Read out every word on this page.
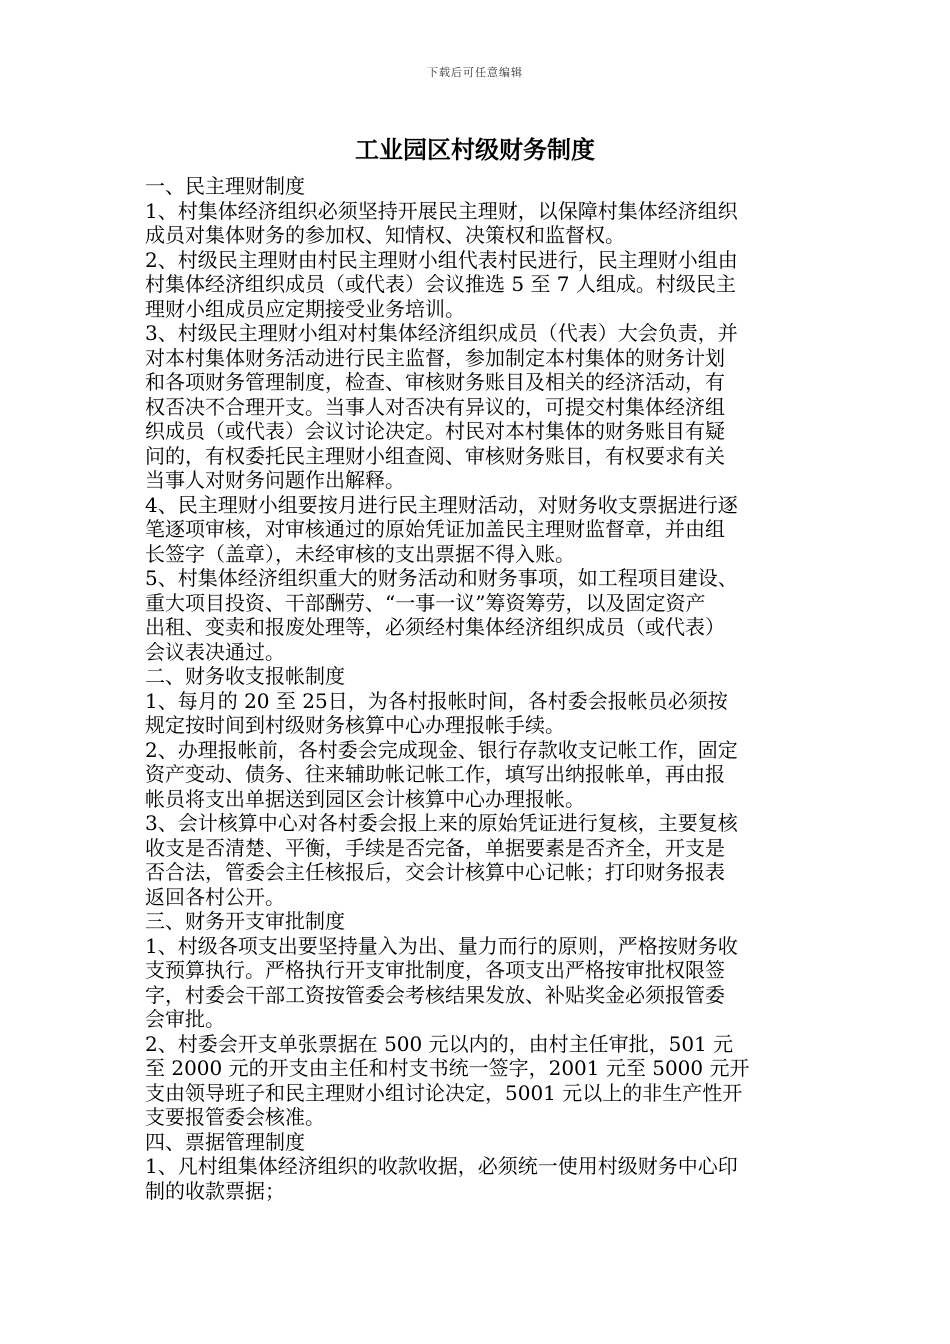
下载后可任意编辑
工业园区村级财务制度
一、民主理财制度
1、村集体经济组织必须坚持开展民主理财，以保障村集体经济组织
成员对集体财务的参加权、知情权、决策权和监督权。
2、村级民主理财由村民主理财小组代表村民进行，民主理财小组由
村集体经济组织成员（或代表）会议推选 5 至 7 人组成。村级民主
理财小组成员应定期接受业务培训。
3、村级民主理财小组对村集体经济组织成员（代表）大会负责，并
对本村集体财务活动进行民主监督，参加制定本村集体的财务计划
和各项财务管理制度，检查、审核财务账目及相关的经济活动，有
权否决不合理开支。当事人对否决有异议的，可提交村集体经济组
织成员（或代表）会议讨论决定。村民对本村集体的财务账目有疑
问的，有权委托民主理财小组查阅、审核财务账目，有权要求有关
当事人对财务问题作出解释。
4、民主理财小组要按月进行民主理财活动，对财务收支票据进行逐
笔逐项审核，对审核通过的原始凭证加盖民主理财监督章，并由组
长签字（盖章），未经审核的支出票据不得入账。
5、村集体经济组织重大的财务活动和财务事项，如工程项目建设、
重大项目投资、干部酬劳、“一事一议”筹资筹劳，以及固定资产
出租、变卖和报废处理等，必须经村集体经济组织成员（或代表）
会议表决通过。
二、财务收支报帐制度
1、每月的 20 至 25日，为各村报帐时间，各村委会报帐员必须按
规定按时间到村级财务核算中心办理报帐手续。
2、办理报帐前，各村委会完成现金、银行存款收支记帐工作，固定
资产变动、债务、往来辅助帐记帐工作，填写出纳报帐单，再由报
帐员将支出单据送到园区会计核算中心办理报帐。
3、会计核算中心对各村委会报上来的原始凭证进行复核，主要复核
收支是否清楚、平衡，手续是否完备，单据要素是否齐全，开支是
否合法，管委会主任核报后，交会计核算中心记帐；打印财务报表
返回各村公开。
三、财务开支审批制度
1、村级各项支出要坚持量入为出、量力而行的原则，严格按财务收
支预算执行。严格执行开支审批制度，各项支出严格按审批权限签
字，村委会干部工资按管委会考核结果发放、补贴奖金必须报管委
会审批。
2、村委会开支单张票据在 500 元以内的，由村主任审批，501 元
至 2000 元的开支由主任和村支书统一签字，2001 元至 5000 元开
支由领导班子和民主理财小组讨论决定，5001 元以上的非生产性开
支要报管委会核准。
四、票据管理制度
1、凡村组集体经济组织的收款收据，必须统一使用村级财务中心印
制的收款票据；
